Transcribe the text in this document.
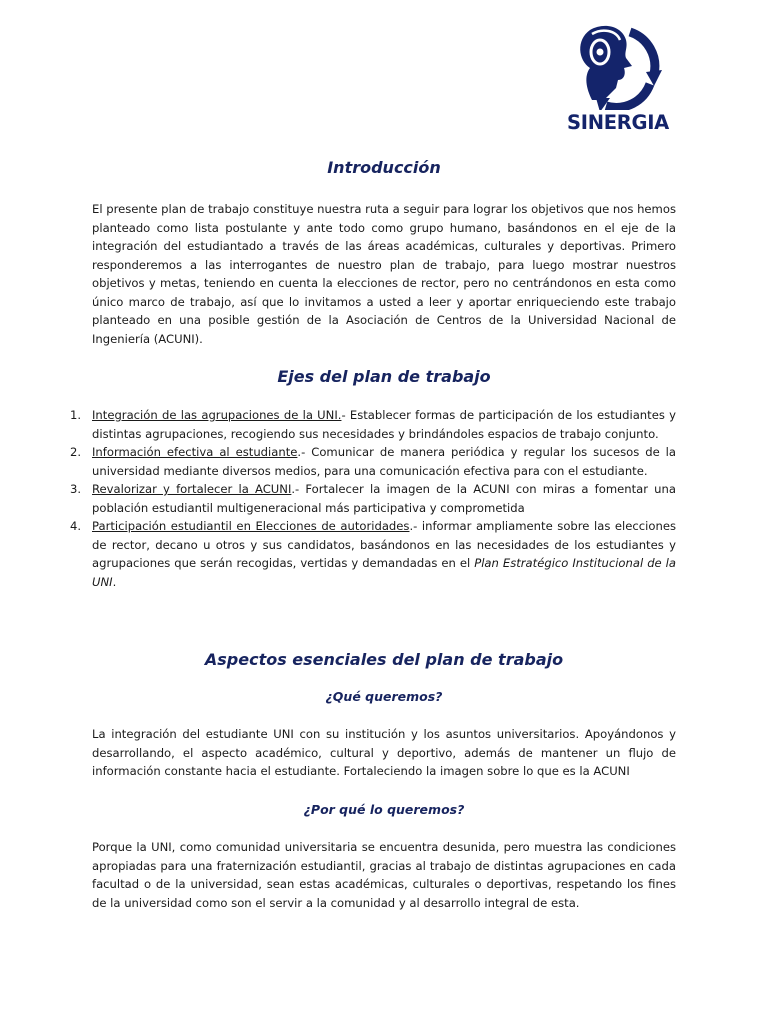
SINERGIA
Introducción

El presente plan de trabajo constituye nuestra ruta a seguir para lograr los objetivos que nos hemos planteado como lista postulante y ante todo como grupo humano, basándonos en el eje de la integración del estudiantado a través de las áreas académicas, culturales y deportivas. Primero responderemos a las interrogantes de nuestro plan de trabajo, para luego mostrar nuestros objetivos y metas, teniendo en cuenta la elecciones de rector, pero no centrándonos en esta como único marco de trabajo, así que lo invitamos a usted a leer y aportar enriqueciendo este trabajo planteado en una posible gestión de la Asociación de Centros de la Universidad Nacional de Ingeniería (ACUNI).

Ejes del plan de trabajo
1. Integración de las agrupaciones de la UNI.- Establecer formas de participación de los estudiantes y distintas agrupaciones, recogiendo sus necesidades y brindándoles espacios de trabajo conjunto.
2. Información efectiva al estudiante.- Comunicar de manera periódica y regular los sucesos de la universidad mediante diversos medios, para una comunicación efectiva para con el estudiante.
3. Revalorizar y fortalecer la ACUNI.- Fortalecer la imagen de la ACUNI con miras a fomentar una población estudiantil multigeneracional más participativa y comprometida
4. Participación estudiantil en Elecciones de autoridades.- informar ampliamente sobre las elecciones de rector, decano u otros y sus candidatos, basándonos en las necesidades de los estudiantes y agrupaciones que serán recogidas, vertidas y demandadas en el Plan Estratégico Institucional de la UNI.
Aspectos esenciales del plan de trabajo
¿Qué queremos?

La integración del estudiante UNI con su institución y los asuntos universitarios. Apoyándonos y desarrollando, el aspecto académico, cultural y deportivo, además de mantener un flujo de información constante hacia el estudiante. Fortaleciendo la imagen sobre lo que es la ACUNI

¿Por qué lo queremos?

Porque la UNI, como comunidad universitaria se encuentra desunida, pero muestra las condiciones apropiadas para una fraternización estudiantil, gracias al trabajo de distintas agrupaciones en cada facultad o de la universidad, sean estas académicas, culturales o deportivas, respetando los fines de la universidad como son el servir a la comunidad y al desarrollo integral de esta.
